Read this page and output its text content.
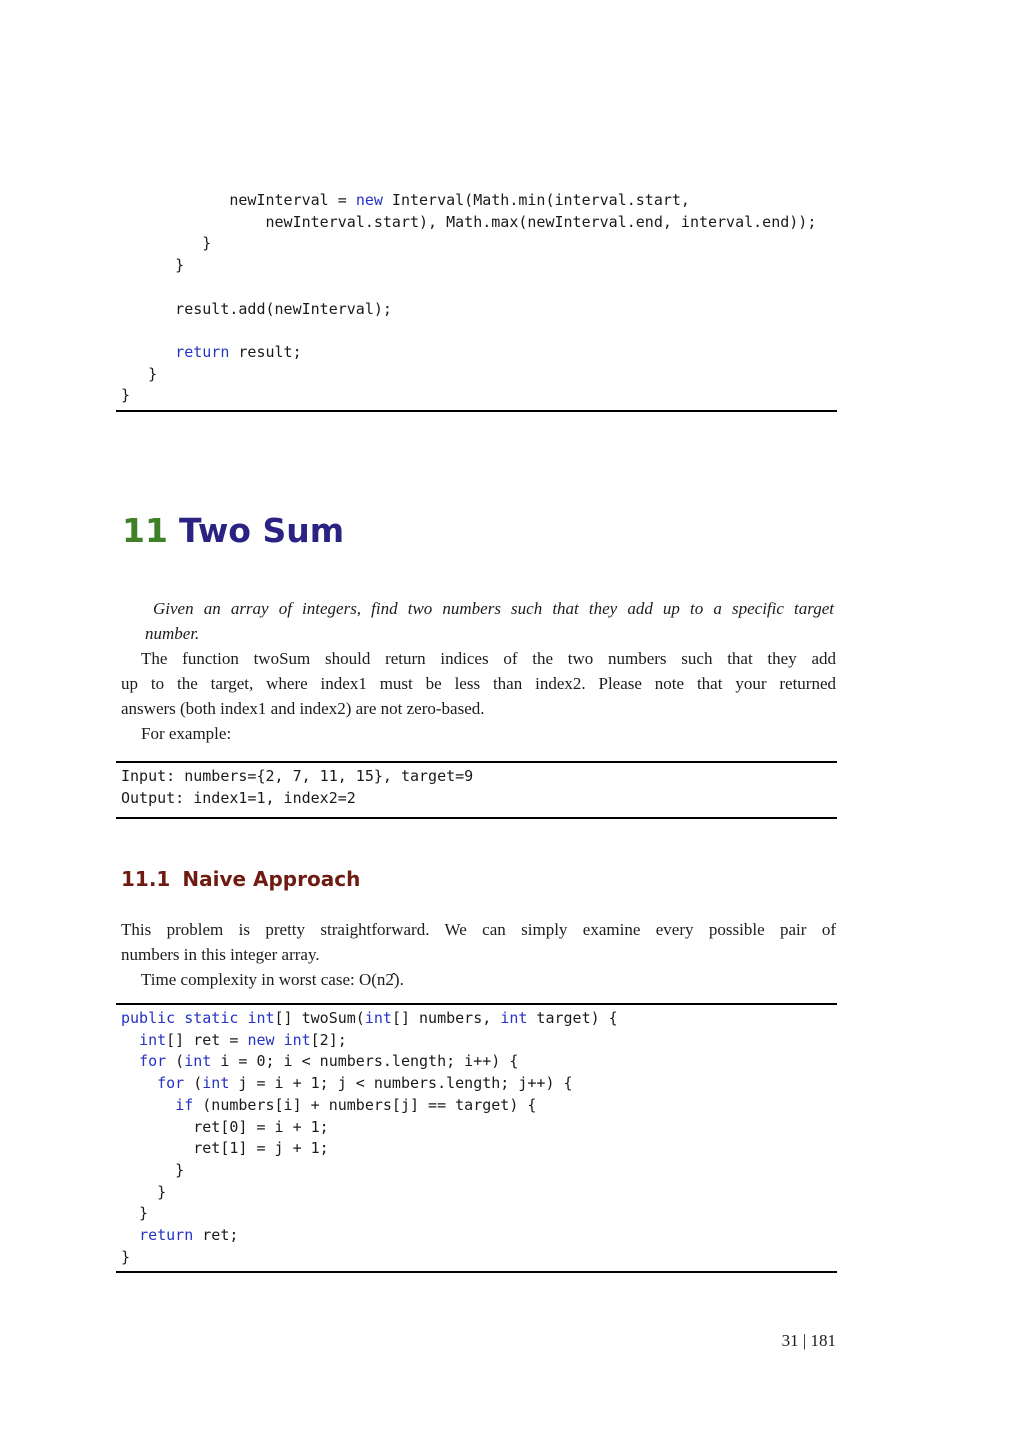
newInterval = new Interval(Math.min(interval.start,
newInterval.start), Math.max(newInterval.end, interval.end));
}
}

result.add(newInterval);

return result;
}
}
11 Two Sum
Given an array of integers, find two numbers such that they add up to a specific target
number.
The function twoSum should return indices of the two numbers such that they add
up to the target, where index1 must be less than index2. Please note that your returned
answers (both index1 and index2) are not zero-based.
For example:
Input: numbers={2, 7, 11, 15}, target=9
Output: index1=1, index2=2
11.1 Naive Approach
This problem is pretty straightforward. We can simply examine every possible pair of
numbers in this integer array.
Time complexity in worst case: O(n2̂).
public static int[] twoSum(int[] numbers, int target) {
int[] ret = new int[2];
for (int i = 0; i < numbers.length; i++) {
for (int j = i + 1; j < numbers.length; j++) {
if (numbers[i] + numbers[j] == target) {
ret[0] = i + 1;
ret[1] = j + 1;
}
}
}
return ret;
}
31 | 181
